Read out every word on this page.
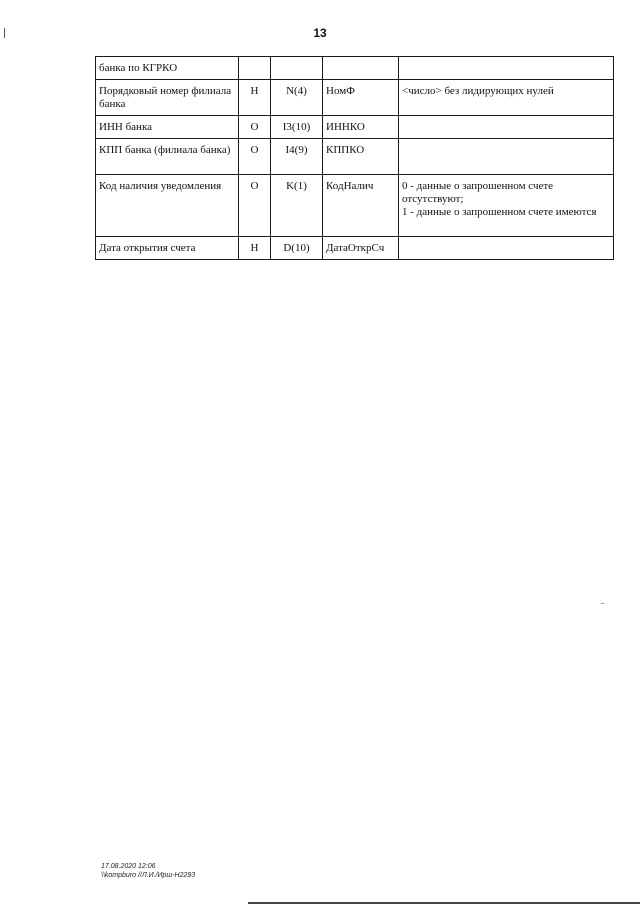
13
банка по КГРКО				
Порядковый номер филиала банка	Н	N(4)	НомФ	<число> без лидирующих нулей

ИНН банка	О	I3(10)	ИННКО	
КПП банка (филиала банка)	О	I4(9)	КППКО	
Код наличия уведомления	О	K(1)	КодНалич	0 - данные о запрошенном счете отсутствуют;
1 - данные о запрошенном счете имеются

Дата открытия счета	Н	D(10)	ДатаОткрСч	
17.08.2020 12:06
\\kompburo //Л.И./Ирш-Н2293
